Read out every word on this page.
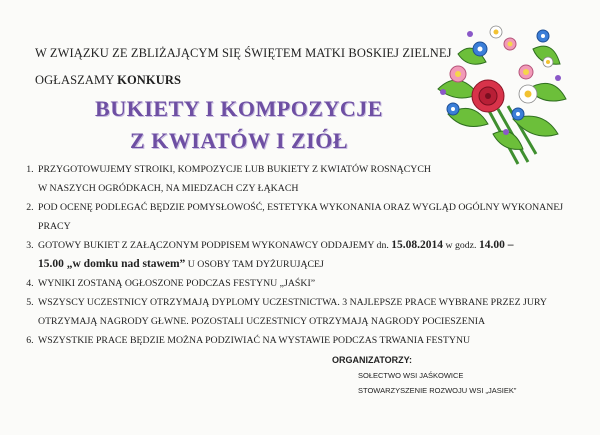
W ZWIĄZKU ZE ZBLIŻAJĄCYM SIĘ ŚWIĘTEM MATKI BOSKIEJ ZIELNEJ
OGŁASZAMY KONKURS
BUKIETY I KOMPOZYCJE
Z KWIATÓW I ZIÓŁ
1. PRZYGOTOWUJEMY STROIKI, KOMPOZYCJE LUB BUKIETY Z KWIATÓW ROSNĄCYCH
W NASZYCH OGRÓDKACH, NA MIEDZACH CZY ŁĄKACH
2. POD OCENĘ PODLEGAĆ BĘDZIE POMYSŁOWOŚĆ, ESTETYKA WYKONANIA ORAZ WYGLĄD OGÓLNY WYKONANEJ
PRACY
3. GOTOWY BUKIET Z ZAŁĄCZONYM PODPISEM WYKONAWCY ODDAJEMY dn. 15.08.2014 w godz. 14.00 –
15.00 „w domku nad stawem” U OSOBY TAM DYŻURUJĄCEJ
4. WYNIKI ZOSTANĄ OGŁOSZONE PODCZAS FESTYNU „JAŚKI”
5. WSZYSCY UCZESTNICY OTRZYMAJĄ DYPLOMY UCZESTNICTWA. 3 NAJLEPSZE PRACE WYBRANE PRZEZ JURY
OTRZYMAJĄ NAGRODY GŁWNE. POZOSTALI UCZESTNICY OTRZYMAJĄ NAGRODY POCIESZENIA
6. WSZYSTKIE PRACE BĘDZIE MOŻNA PODZIWIAĆ NA WYSTAWIE PODCZAS TRWANIA FESTYNU
ORGANIZATORZY:
SOŁECTWO WSI JAŚKOWICE
STOWARZYSZENIE ROZWOJU WSI „JASIEK”
